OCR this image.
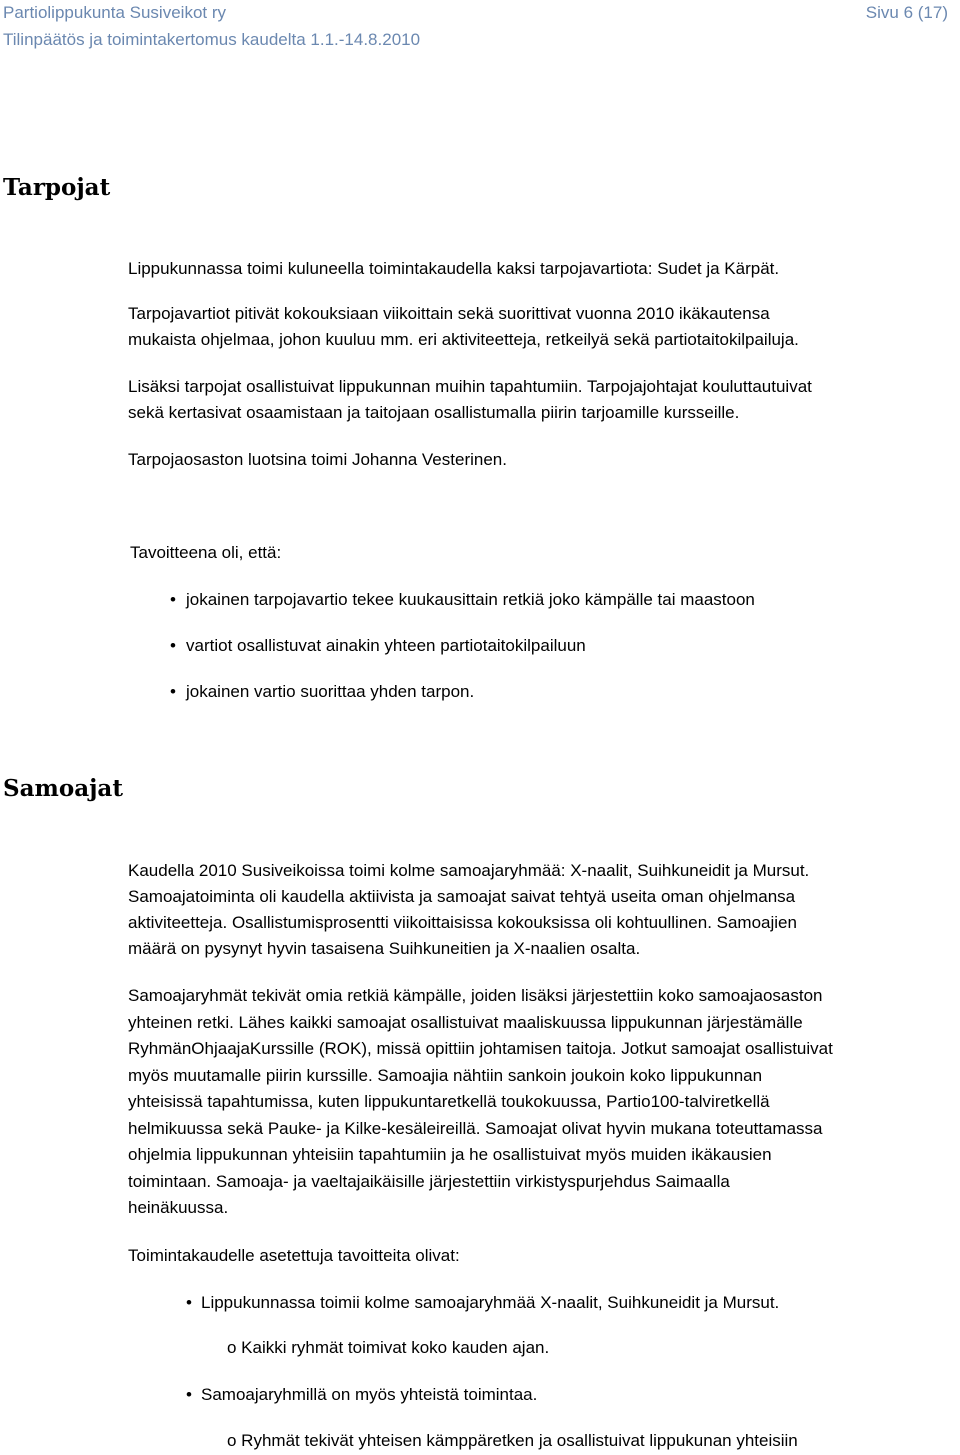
Partiolippukunta Susiveikot ry	Sivu 6 (17)
Tilinpäätös ja toimintakertomus kaudelta 1.1.-14.8.2010
Tarpojat
Lippukunnassa toimi kuluneella toimintakaudella kaksi tarpojavartiota: Sudet ja Kärpät.
Tarpojavartiot pitivät kokouksiaan viikoittain sekä suorittivat vuonna 2010 ikäkautensa
mukaista ohjelmaa, johon kuuluu mm. eri aktiviteetteja, retkeilyä sekä partiotaitokilpailuja.
Lisäksi tarpojat osallistuivat lippukunnan muihin tapahtumiin. Tarpojajohtajat kouluttautuivat
sekä kertasivat osaamistaan ja taitojaan osallistumalla piirin tarjoamille kursseille.
Tarpojaosaston luotsina toimi Johanna Vesterinen.
Tavoitteena oli, että:
• jokainen tarpojavartio tekee kuukausittain retkiä joko kämpälle tai maastoon
• vartiot osallistuvat ainakin yhteen partiotaitokilpailuun
• jokainen vartio suorittaa yhden tarpon.
Samoajat
Kaudella 2010 Susiveikoissa toimi kolme samoajaryhmää: X-naalit, Suihkuneidit ja Mursut.
Samoajatoiminta oli kaudella aktiivista ja samoajat saivat tehtyä useita oman ohjelmansa
aktiviteetteja. Osallistumisprosentti viikoittaisissa kokouksissa oli kohtuullinen. Samoajien
määrä on pysynyt hyvin tasaisena Suihkuneitien ja X-naalien osalta.
Samoajaryhmät tekivät omia retkiä kämpälle, joiden lisäksi järjestettiin koko samoajaosaston
yhteinen retki. Lähes kaikki samoajat osallistuivat maaliskuussa lippukunnan järjestämälle
RyhmänOhjaajaKurssille (ROK), missä opittiin johtamisen taitoja. Jotkut samoajat osallistuivat
myös muutamalle piirin kurssille. Samoajia nähtiin sankoin joukoin koko lippukunnan
yhteisissä tapahtumissa, kuten lippukuntaretkellä toukokuussa, Partio100-talviretkellä
helmikuussa sekä Pauke- ja Kilke-kesäleireillä. Samoajat olivat hyvin mukana toteuttamassa
ohjelmia lippukunnan yhteisiin tapahtumiin ja he osallistuivat myös muiden ikäkausien
toimintaan. Samoaja- ja vaeltajaikäisille järjestettiin virkistyspurjehdus Saimaalla
heinäkuussa.
Toimintakaudelle asetettuja tavoitteita olivat:
• Lippukunnassa toimii kolme samoajaryhmää X-naalit, Suihkuneidit ja Mursut.
o Kaikki ryhmät toimivat koko kauden ajan.
• Samoajaryhmillä on myös yhteistä toimintaa.
o Ryhmät tekivät yhteisen kämppäretken ja osallistuivat lippukunan yhteisiin
